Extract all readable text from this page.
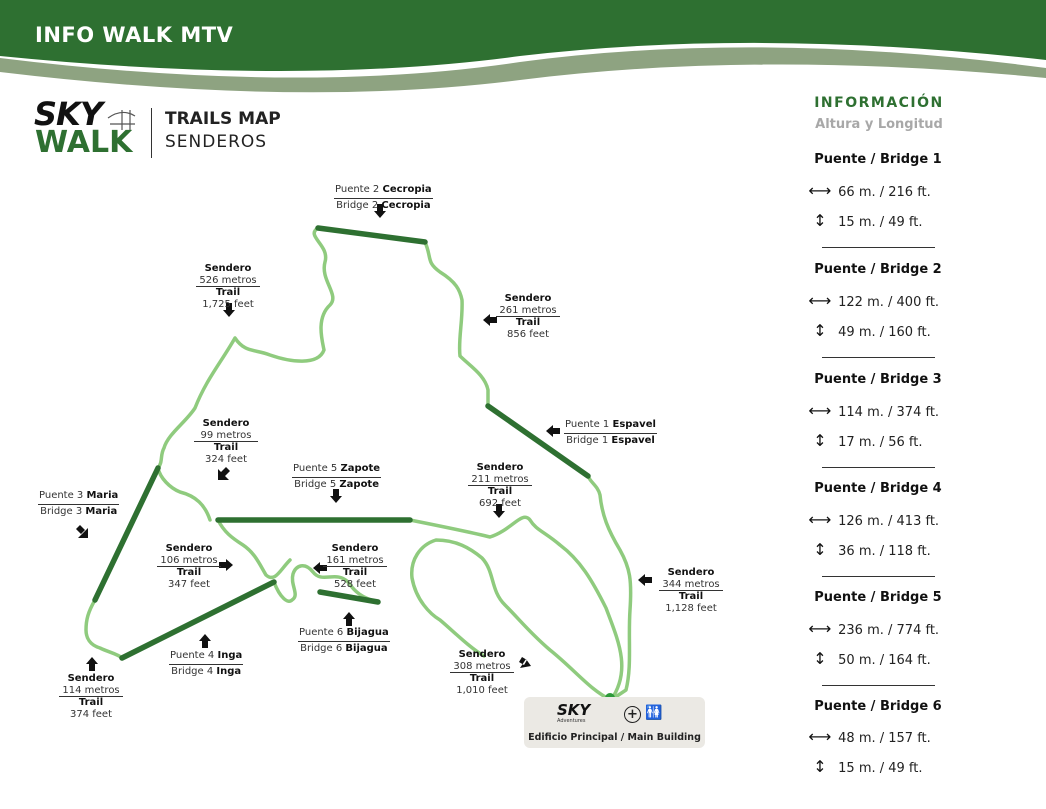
INFO WALK MTV
SKY
WALK
TRAILS MAP
SENDEROS
Puente 2 Cecropia
Bridge 2 Cecropia
Puente 1 Espavel
Bridge 1 Espavel
Puente 5 Zapote
Bridge 5 Zapote
Puente 3 Maria
Bridge 3 Maria
Puente 4 Inga
Bridge 4 Inga
Puente 6 Bijagua
Bridge 6 Bijagua
Sendero
526 metros
Trail
1,725 feet	Sendero
261 metros
Trail
856 feet
Sendero
99 metros
Trail
324 feet
Sendero
211 metros
Trail
692 feet
Sendero
106 metros
Trail
347 feet
Sendero
161 metros
Trail
528 feet
Sendero
344 metros
Trail
1,128 feet
Sendero
308 metros
Trail
1,010 feet
Sendero
114 metros
Trail
374 feet	SKY
Adventures	+ 🚻
Edificio Principal / Main Building
INFORMACIÓN
Altura y Longitud
Puente / Bridge 1
⟷ 66 m. / 216 ft.
↕ 15 m. / 49 ft.
Puente / Bridge 2
⟷ 122 m. / 400 ft.
↕ 49 m. / 160 ft.
Puente / Bridge 3
⟷ 114 m. / 374 ft.
↕ 17 m. / 56 ft.
Puente / Bridge 4
⟷ 126 m. / 413 ft.
↕ 36 m. / 118 ft.
Puente / Bridge 5
⟷ 236 m. / 774 ft.
↕ 50 m. / 164 ft.
Puente / Bridge 6
⟷ 48 m. / 157 ft.
↕ 15 m. / 49 ft.
